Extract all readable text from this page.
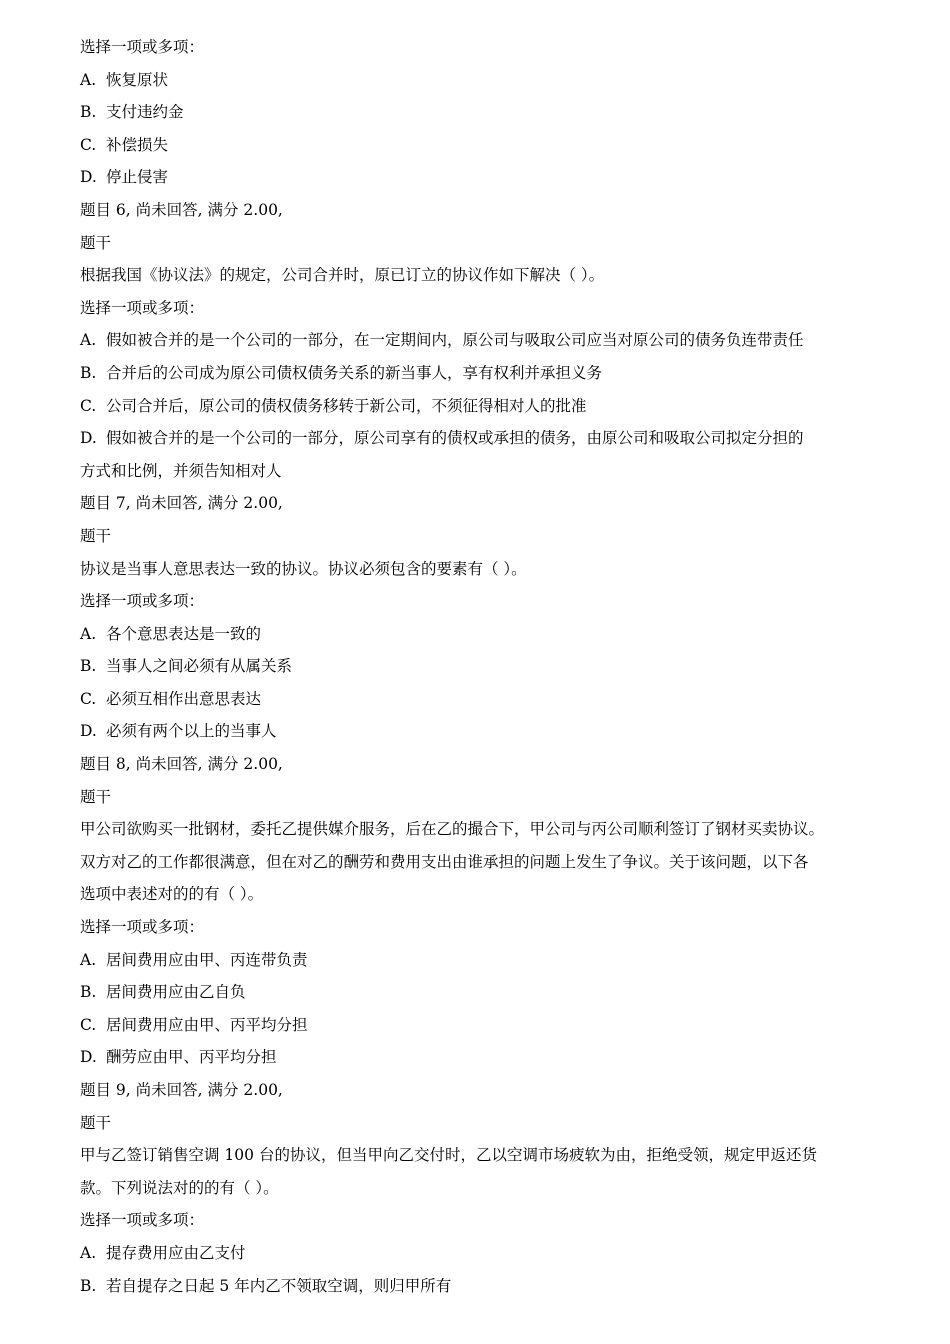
选择一项或多项：
A. 恢复原状
B. 支付违约金
C. 补偿损失
D. 停止侵害
题目 6, 尚未回答, 满分 2.00,
题干
根据我国《协议法》的规定，公司合并时，原已订立的协议作如下解决（ ）。
选择一项或多项：
A. 假如被合并的是一个公司的一部分，在一定期间内，原公司与吸取公司应当对原公司的债务负连带责任
B. 合并后的公司成为原公司债权债务关系的新当事人，享有权利并承担义务
C. 公司合并后，原公司的债权债务移转于新公司，不须征得相对人的批准
D. 假如被合并的是一个公司的一部分，原公司享有的债权或承担的债务，由原公司和吸取公司拟定分担的
方式和比例，并须告知相对人
题目 7, 尚未回答, 满分 2.00,
题干
协议是当事人意思表达一致的协议。协议必须包含的要素有（ ）。
选择一项或多项：
A. 各个意思表达是一致的
B. 当事人之间必须有从属关系
C. 必须互相作出意思表达
D. 必须有两个以上的当事人
题目 8, 尚未回答, 满分 2.00,
题干
甲公司欲购买一批钢材，委托乙提供媒介服务，后在乙的撮合下，甲公司与丙公司顺利签订了钢材买卖协议。
双方对乙的工作都很满意，但在对乙的酬劳和费用支出由谁承担的问题上发生了争议。关于该问题，以下各
选项中表述对的的有（ ）。
选择一项或多项：
A. 居间费用应由甲、丙连带负责
B. 居间费用应由乙自负
C. 居间费用应由甲、丙平均分担
D. 酬劳应由甲、丙平均分担
题目 9, 尚未回答, 满分 2.00,
题干
甲与乙签订销售空调 100 台的协议，但当甲向乙交付时，乙以空调市场疲软为由，拒绝受领，规定甲返还货
款。下列说法对的的有（ ）。
选择一项或多项：
A. 提存费用应由乙支付
B. 若自提存之日起 5 年内乙不领取空调，则归甲所有
